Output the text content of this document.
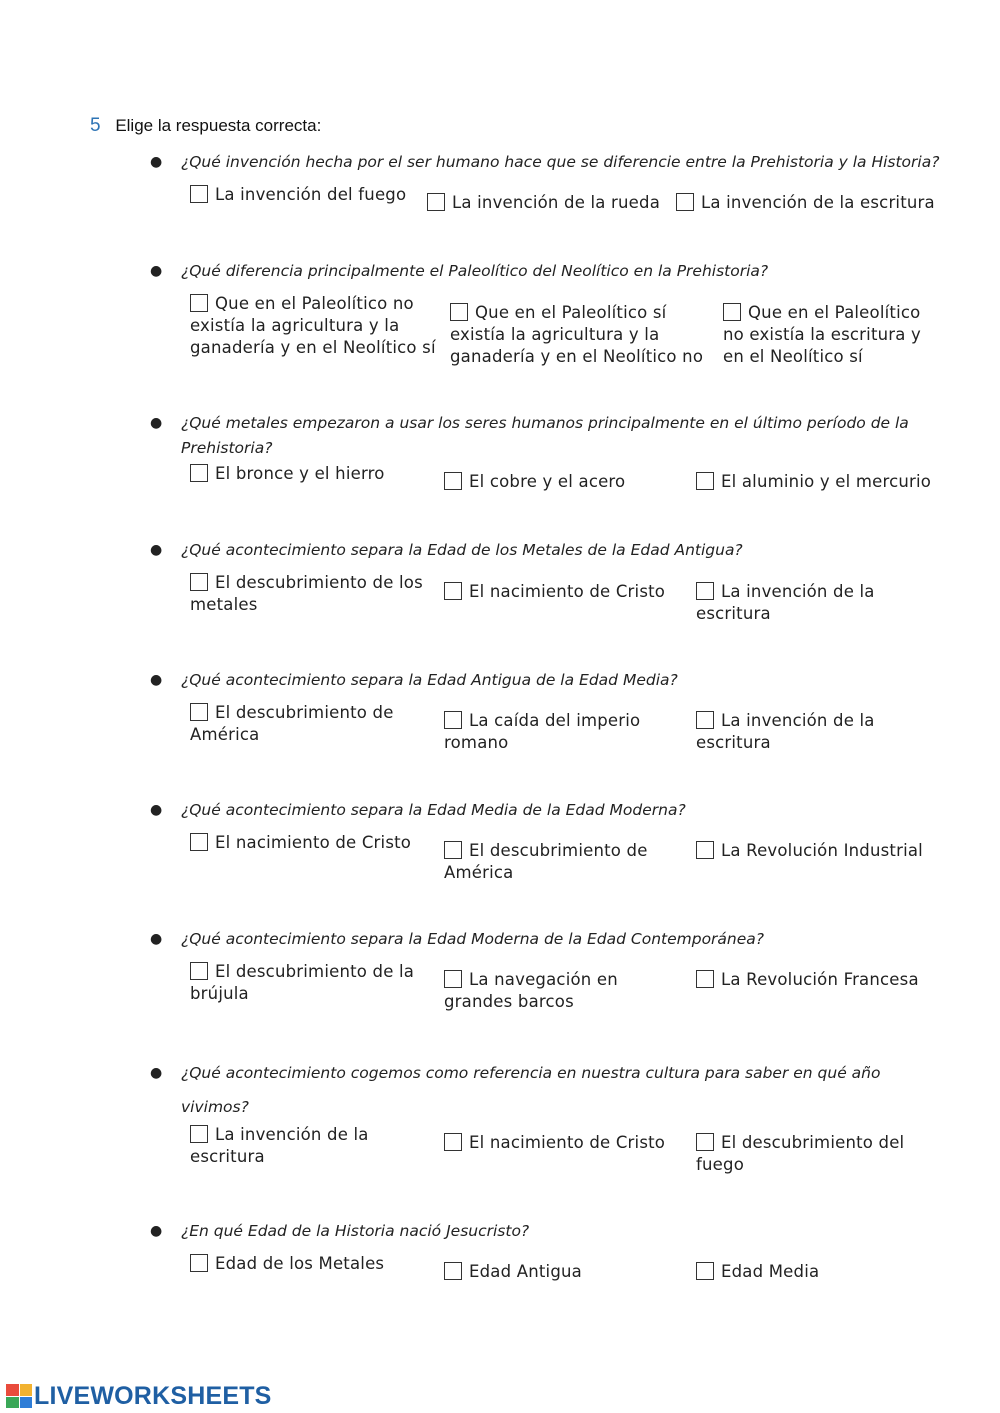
5 Elige la respuesta correcta:
● ¿Qué invención hecha por el ser humano hace que se diferencie entre la Prehistoria y la Historia?
La invención del fuego	La invención de la rueda	La invención de la escritura
● ¿Qué diferencia principalmente el Paleolítico del Neolítico en la Prehistoria?
Que en el Paleolítico no existía la agricultura y la ganadería y en el Neolítico sí
Que en el Paleolítico sí existía la agricultura y la ganadería y en el Neolítico no
Que en el Paleolítico no existía la escritura y en el Neolítico sí
● ¿Qué metales empezaron a usar los seres humanos principalmente en el último período de la Prehistoria?
El bronce y el hierro	El cobre y el acero	El aluminio y el mercurio
● ¿Qué acontecimiento separa la Edad de los Metales de la Edad Antigua?
El descubrimiento de los metales
El nacimiento de Cristo	La invención de la escritura
● ¿Qué acontecimiento separa la Edad Antigua de la Edad Media?
El descubrimiento de América
La caída del imperio romano
La invención de la escritura
● ¿Qué acontecimiento separa la Edad Media de la Edad Moderna?
El nacimiento de Cristo	El descubrimiento de América
La Revolución Industrial
● ¿Qué acontecimiento separa la Edad Moderna de la Edad Contemporánea?
El descubrimiento de la brújula
La navegación en grandes barcos
La Revolución Francesa
● ¿Qué acontecimiento cogemos como referencia en nuestra cultura para saber en qué año vivimos?
La invención de la escritura
El nacimiento de Cristo	El descubrimiento del fuego
● ¿En qué Edad de la Historia nació Jesucristo?
Edad de los Metales	Edad Antigua	Edad Media
LIVEWORKSHEETS
